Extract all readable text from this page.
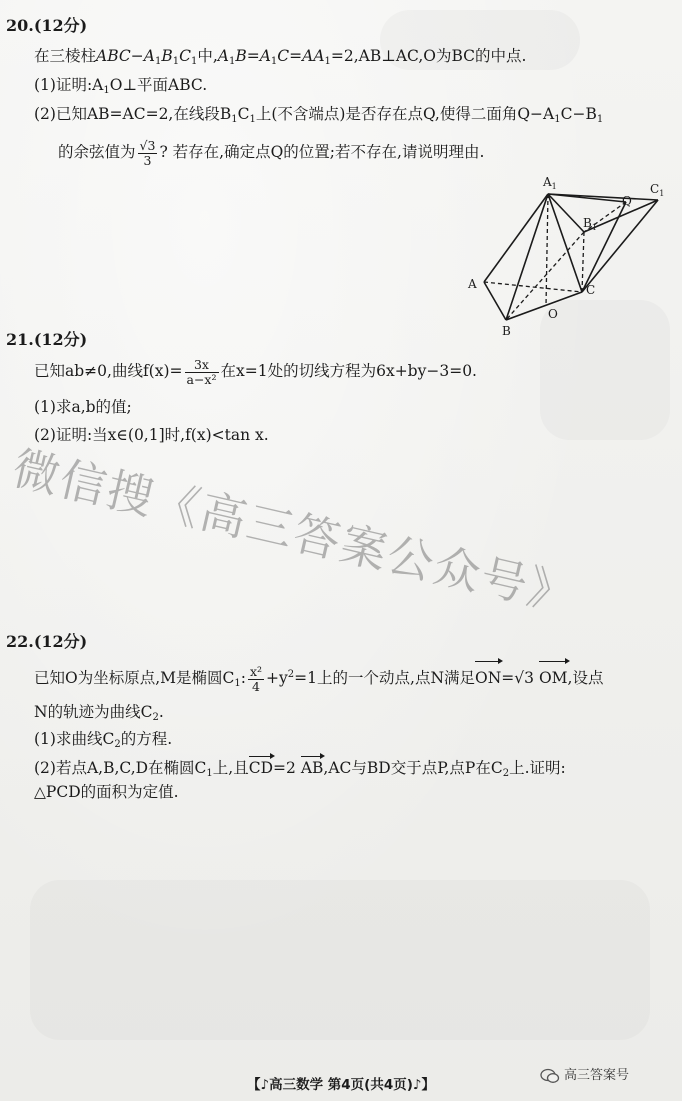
20.(12分)
在三棱柱$ABC-A_1B_1C_1$中$,A_1B=A_1C=AA_1=2,AB\perp AC,O$为BC的中点.
(1)证明$:A_1O\perp$平面ABC.
(2)已知AB=AC=2,在线段$B_1C_1$上(不含端点)是否存在点Q,使得二面角$Q-A_1C-B_1$
的余弦值为 $\frac{√3}{3}$ ? 若存在,确定点Q的位置;若不存在,请说明理由.
$A_1$	$C_1$
$B_1$
Q
A	C
B
O
21.(12分)
已知ab≠0,曲线$f(x)= \frac{3x}{\text{a−x²}}$ 在x=1处的切线方程为6x+by−3=0.
(1)求a,b的值;
(2)证明:当x∈(0,1]时,f(x)<tan x.
微信搜《高三答案公众号》
22.(12分)
已知O为坐标原点,M是椭圆$C_1$: $\frac{\text{x²}}{4} +y^2=1$上的一个动点,点N满足ON=√3 OM,设点
N的轨迹为曲线$C_2$.
(1)求曲线$C_2$的方程.
(2)若点A,B,C,D在椭圆$C_1$上,且CD=2 AB,AC与BD交于点P,点P在$C_2$上.证明:
△PCD的面积为定值.
【♪高三数学 第4页(共4页)♪】
高三答案号
